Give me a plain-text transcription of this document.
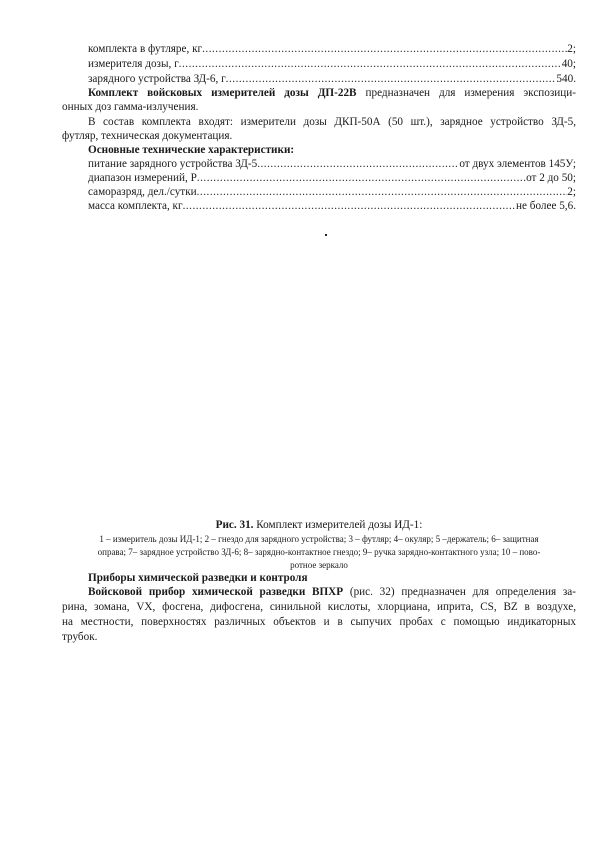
комплекта в футляре, кг .....	2;
измерителя дозы, г .....	40;
зарядного устройства ЗД-6, г .....	540.
Комплект войсковых измерителей дозы ДП-22В предназначен для измерения экспозици-
онных доз гамма-излучения.
В состав комплекта входят: измерители дозы ДКП-50А (50 шт.), зарядное устройство ЗД-5,
футляр, техническая документация.
Основные технические характеристики:
питание зарядного устройства ЗД-5 .....	от двух элементов 145У;
диапазон измерений, Р .....	от 2 до 50;
саморазряд, дел./сутки .....	2;
масса комплекта, кг .....	не более 5,6.
Рис. 31. Комплект измерителей дозы ИД-1:
1 – измеритель дозы ИД-1; 2 – гнездо для зарядного устройства; 3 – футляр; 4– окуляр; 5 –держатель; 6– защитная
оправа; 7– зарядное устройство ЗД-6; 8– зарядно-контактное гнездо; 9– ручка зарядно-контактного узла; 10 – пово-
ротное зеркало
Приборы химической разведки и контроля
Войсковой прибор химической разведки ВПХР (рис. 32) предназначен для определения за-
рина, зомана, VX, фосгена, дифосгена, синильной кислоты, хлорциана, иприта, CS, BZ в воздухе,
на местности, поверхностях различных объектов и в сыпучих пробах с помощью индикаторных
трубок.
